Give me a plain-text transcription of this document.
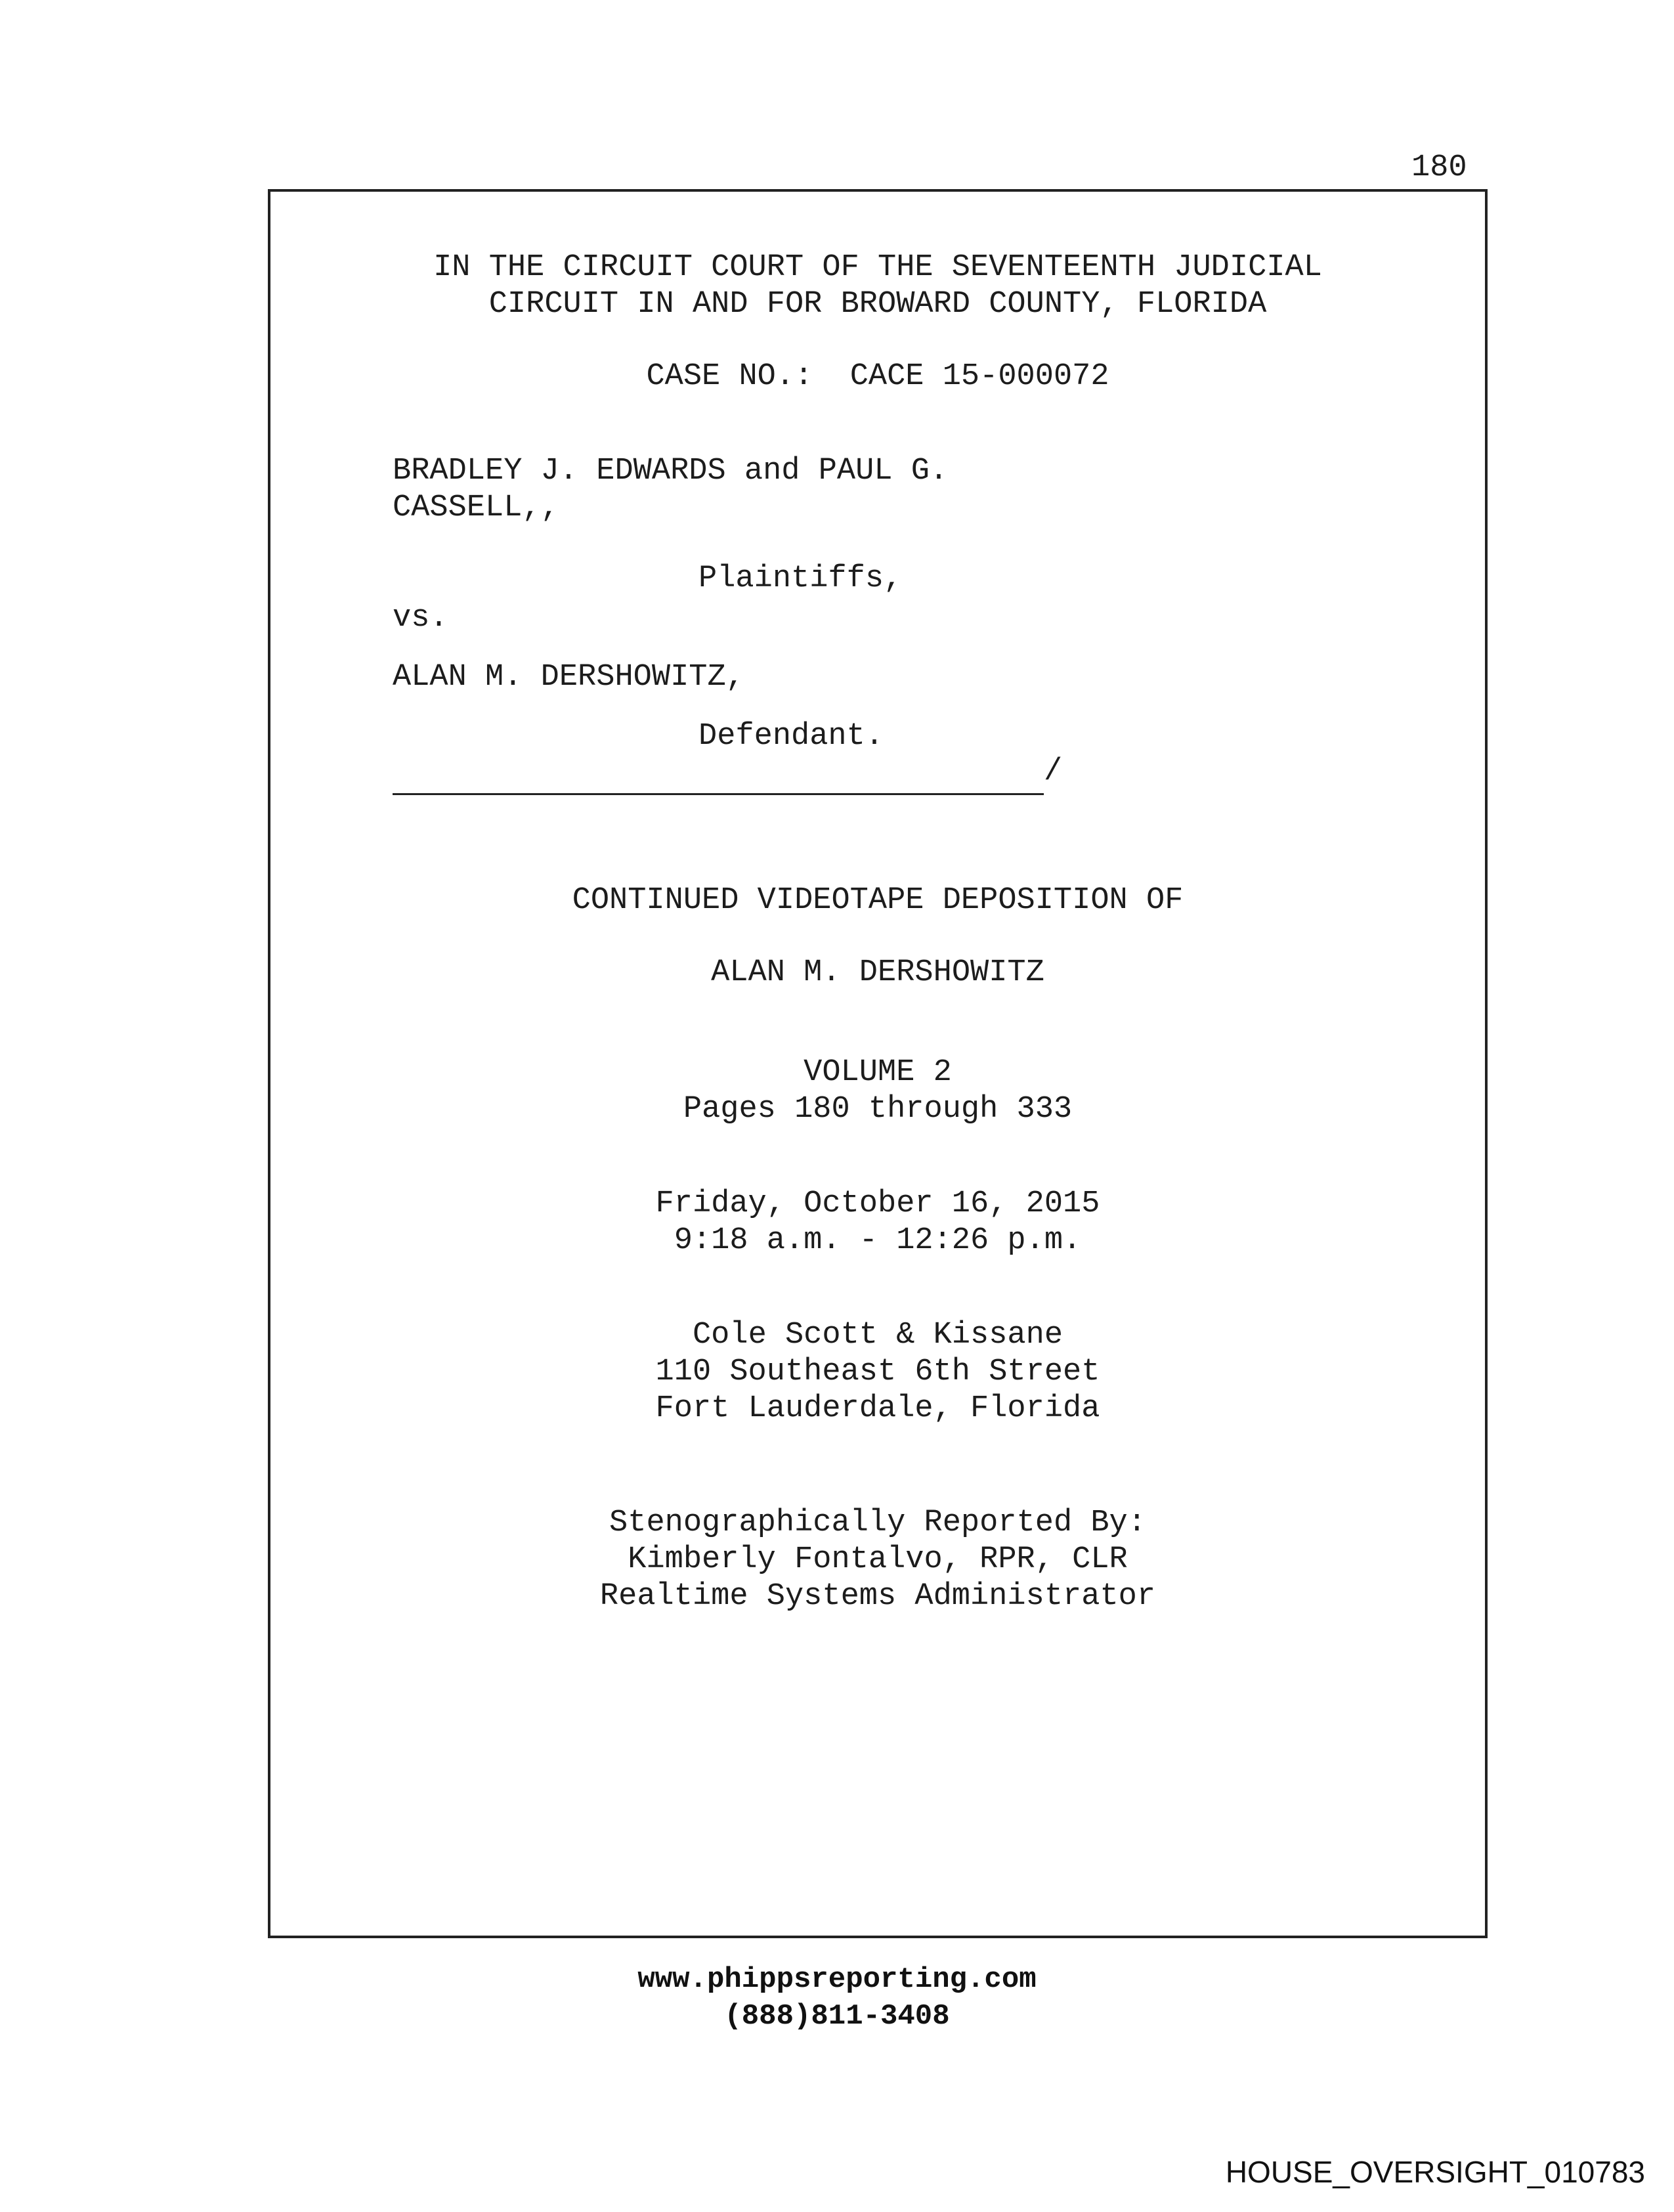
180
IN THE CIRCUIT COURT OF THE SEVENTEENTH JUDICIAL
CIRCUIT IN AND FOR BROWARD COUNTY, FLORIDA
CASE NO.:  CACE 15-000072
BRADLEY J. EDWARDS and PAUL G.
CASSELL,,
Plaintiffs,
vs.
ALAN M. DERSHOWITZ,
Defendant.
CONTINUED VIDEOTAPE DEPOSITION OF
ALAN M. DERSHOWITZ
VOLUME 2
Pages 180 through 333
Friday, October 16, 2015
9:18 a.m. - 12:26 p.m.
Cole Scott & Kissane
110 Southeast 6th Street
Fort Lauderdale, Florida
Stenographically Reported By:
Kimberly Fontalvo, RPR, CLR
Realtime Systems Administrator
/
www.phippsreporting.com
(888)811-3408
HOUSE_OVERSIGHT_010783
